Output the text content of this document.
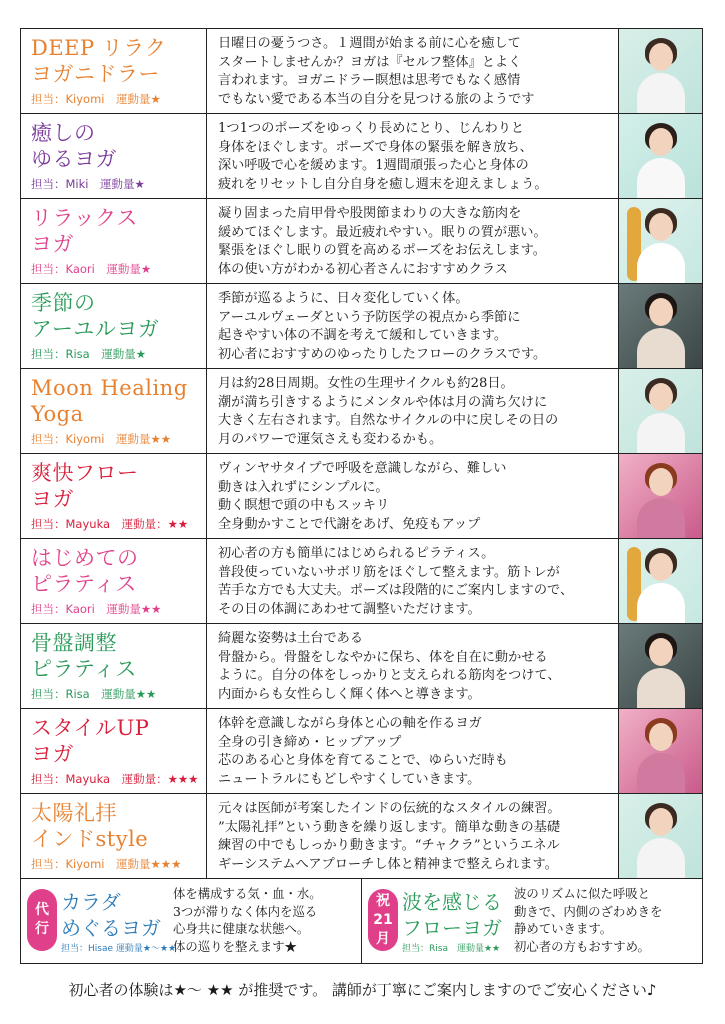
DEEP リラク
ヨガニドラー
担当：Kiyomi　運動量★
日曜日の憂うつさ。１週間が始まる前に心を癒して
スタートしませんか？ヨガは『セルフ整体』とよく
言われます。ヨガニドラー瞑想は思考でもなく感情
でもない愛である本当の自分を見つける旅のようです
癒しの
ゆるヨガ
担当：Miki　運動量★
1つ1つのポーズをゆっくり長めにとり、じんわりと
身体をほぐします。ポーズで身体の緊張を解き放ち、
深い呼吸で心を緩めます。1週間頑張った心と身体の
疲れをリセットし自分自身を癒し週末を迎えましょう。
リラックス
ヨガ
担当：Kaori　運動量★
凝り固まった肩甲骨や股関節まわりの大きな筋肉を
緩めてほぐします。最近疲れやすい。眠りの質が悪い。
緊張をほぐし眠りの質を高めるポーズをお伝えします。
体の使い方がわかる初心者さんにおすすめクラス
季節の
アーユルヨガ
担当：Risa　運動量★
季節が巡るように、日々変化していく体。
アーユルヴェーダという予防医学の視点から季節に
起きやすい体の不調を考えて緩和していきます。
初心者におすすめのゆったりしたフローのクラスです。
Moon Healing
Yoga
担当：Kiyomi　運動量★★
月は約28日周期。女性の生理サイクルも約28日。
潮が満ち引きするようにメンタルや体は月の満ち欠けに
大きく左右されます。自然なサイクルの中に戻しその日の
月のパワーで運気さえも変わるかも。
爽快フロー
ヨガ
担当：Mayuka　運動量：★★
ヴィンヤサタイプで呼吸を意識しながら、難しい
動きは入れずにシンプルに。
動く瞑想で頭の中もスッキリ
全身動かすことで代謝をあげ、免疫もアップ
はじめての
ピラティス
担当：Kaori　運動量★★
初心者の方も簡単にはじめられるピラティス。
普段使っていないサボリ筋をほぐして整えます。筋トレが
苦手な方でも大丈夫。ポーズは段階的にご案内しますので、
その日の体調にあわせて調整いただけます。
骨盤調整
ピラティス
担当：Risa　運動量★★
綺麗な姿勢は土台である
骨盤から。骨盤をしなやかに保ち、体を自在に動かせる
ように。自分の体をしっかりと支えられる筋肉をつけて、
内面からも女性らしく輝く体へと導きます。
スタイルUP
ヨガ
担当：Mayuka　運動量：★★★
体幹を意識しながら身体と心の軸を作るヨガ
全身の引き締め・ヒップアップ
芯のある心と身体を育てることで、ゆらいだ時も
ニュートラルにもどしやすくしていきます。
太陽礼拝
インドstyle
担当：Kiyomi　運動量★★★
元々は医師が考案したインドの伝統的なスタイルの練習。
”太陽礼拝”という動きを繰り返します。簡単な動きの基礎
練習の中でもしっかり動きます。“チャクラ”というエネル
ギーシステムへアプローチし体と精神まで整えられます。
代
行
カラダ
めぐるヨガ
担当：Hisae 運動量★〜★★
体を構成する気・血・水。
3つが滞りなく体内を巡る
心身共に健康な状態へ。
体の巡りを整えます★
祝
21
月
波を感じる
フローヨガ
担当：Risa　運動量★★
波のリズムに似た呼吸と
動きで、内側のざわめきを
静めていきます。
初心者の方もおすすめ。
初心者の体験は★〜 ★★ が推奨です。 講師が丁寧にご案内しますのでご安心ください♪
